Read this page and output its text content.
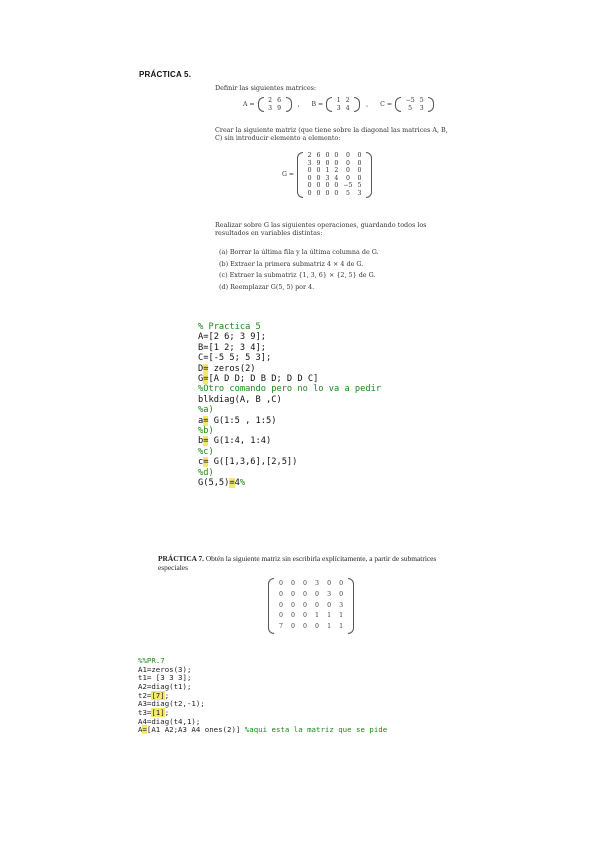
PRÁCTICA 5.
Definir las siguientes matrices:
A =
2	6
3	9	, B =
1	2
3	4	, C =
−5	5
5	3
Crear la siguiente matriz (que tiene sobre la diagonal las matrices A, B, C) sin introducir elemento a elemento:
G =
2	6	0	0	0	0
3	9	0	0	0	0
0	0	1	2	0	0
0	0	3	4	0	0
0	0	0	0	−5	5
0	0	0	0	5	3
Realizar sobre G las siguientes operaciones, guardando todos los resultados en variables distintas:
(a) Borrar la última fila y la última columna de G.
(b) Extraer la primera submatriz 4 × 4 de G.
(c) Extraer la submatriz {1, 3, 6} × {2, 5} de G.
(d) Reemplazar G(5, 5) por 4.
% Practica 5
A=[2 6; 3 9];
B=[1 2; 3 4];
C=[-5 5; 5 3];
D= zeros(2)
G=[A D D; D B D; D D C]
%Otro comando pero no lo va a pedir
blkdiag(A, B ,C)
%a)
a= G(1:5 , 1:5)
%b)
b= G(1:4, 1:4)
%c)
c= G([1,3,6],[2,5])
%d)
G(5,5)=4%
PRÁCTICA 7. Obtén la siguiente matriz sin escribirla explícitamente, a partir de submatrices especiales
0	0	0	3	0	0
0	0	0	0	3	0
0	0	0	0	0	3
0	0	0	1	1	1
7	0	0	0	1	1
%%PR.7
A1=zeros(3);
t1= [3 3 3];
A2=diag(t1);
t2=[7];
A3=diag(t2,-1);
t3=[1];
A4=diag(t4,1);
A=[A1 A2;A3 A4 ones(2)] %aqui esta la matriz que se pide
